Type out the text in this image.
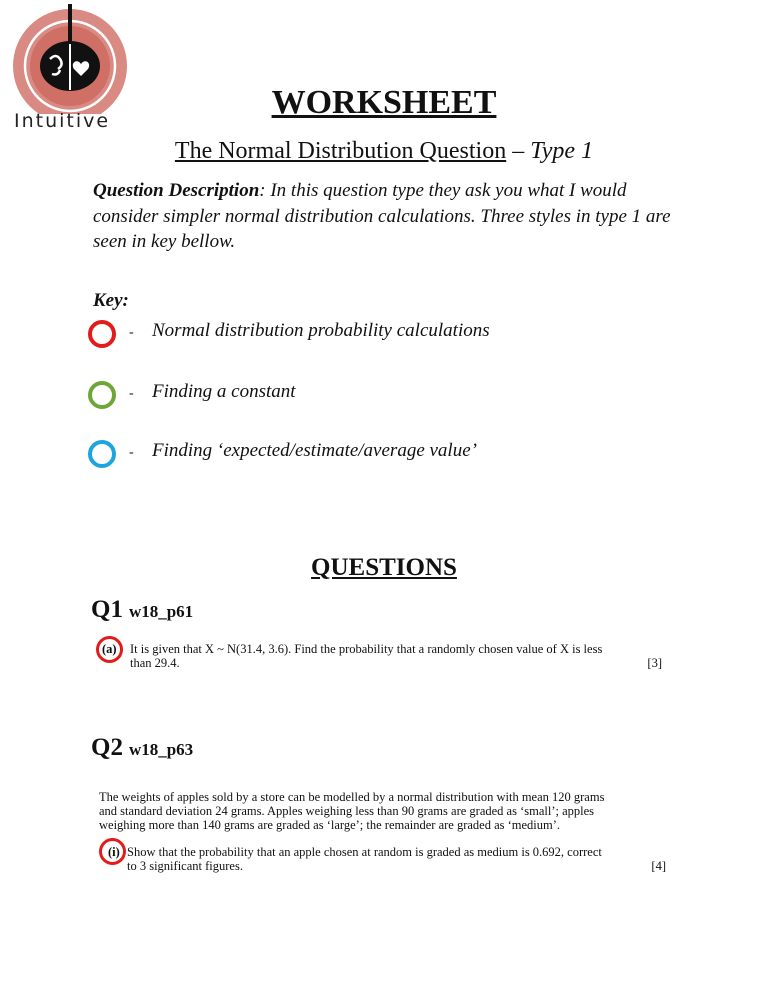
Intuitive	WORKSHEET
The Normal Distribution Question – Type 1
Question Description: In this question type they ask you what I would consider simpler normal distribution calculations. Three styles in type 1 are seen in key bellow.
Key:
- Normal distribution probability calculations
- Finding a constant
- Finding ‘expected/estimate/average value’
QUESTIONS
Q1 w18_p61
(a) It is given that X ~ N(31.4, 3.6). Find the probability that a randomly chosen value of X is less
than 29.4.	[3]
Q2 w18_p63
The weights of apples sold by a store can be modelled by a normal distribution with mean 120 grams
and standard deviation 24 grams. Apples weighing less than 90 grams are graded as ‘small’; apples
weighing more than 140 grams are graded as ‘large’; the remainder are graded as ‘medium’.
(i) Show that the probability that an apple chosen at random is graded as medium is 0.692, correct
to 3 significant figures.	[4]
